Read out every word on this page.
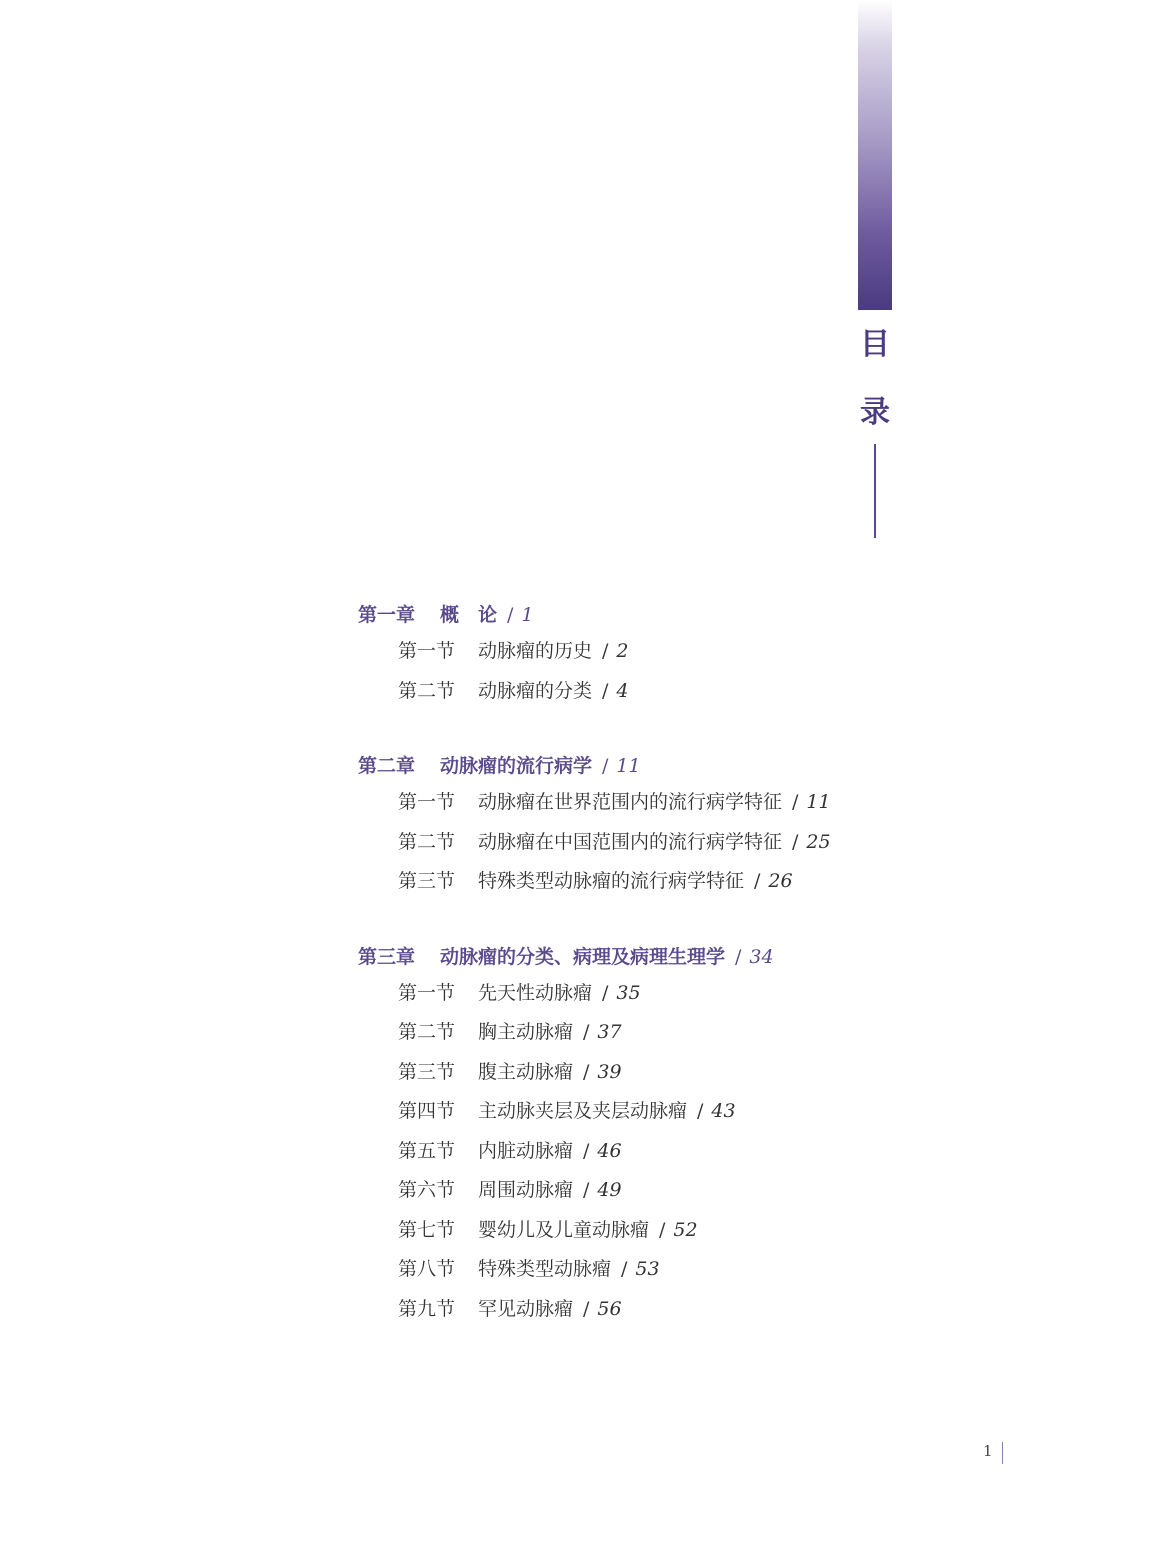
目
录
第一章 概　论 / 1
第一节 动脉瘤的历史 / 2
第二节 动脉瘤的分类 / 4
第二章 动脉瘤的流行病学 / 11
第一节 动脉瘤在世界范围内的流行病学特征 / 11
第二节 动脉瘤在中国范围内的流行病学特征 / 25
第三节 特殊类型动脉瘤的流行病学特征 / 26
第三章 动脉瘤的分类、病理及病理生理学 / 34
第一节 先天性动脉瘤 / 35
第二节 胸主动脉瘤 / 37
第三节 腹主动脉瘤 / 39
第四节 主动脉夹层及夹层动脉瘤 / 43
第五节 内脏动脉瘤 / 46
第六节 周围动脉瘤 / 49
第七节 婴幼儿及儿童动脉瘤 / 52
第八节 特殊类型动脉瘤 / 53
第九节 罕见动脉瘤 / 56
1
